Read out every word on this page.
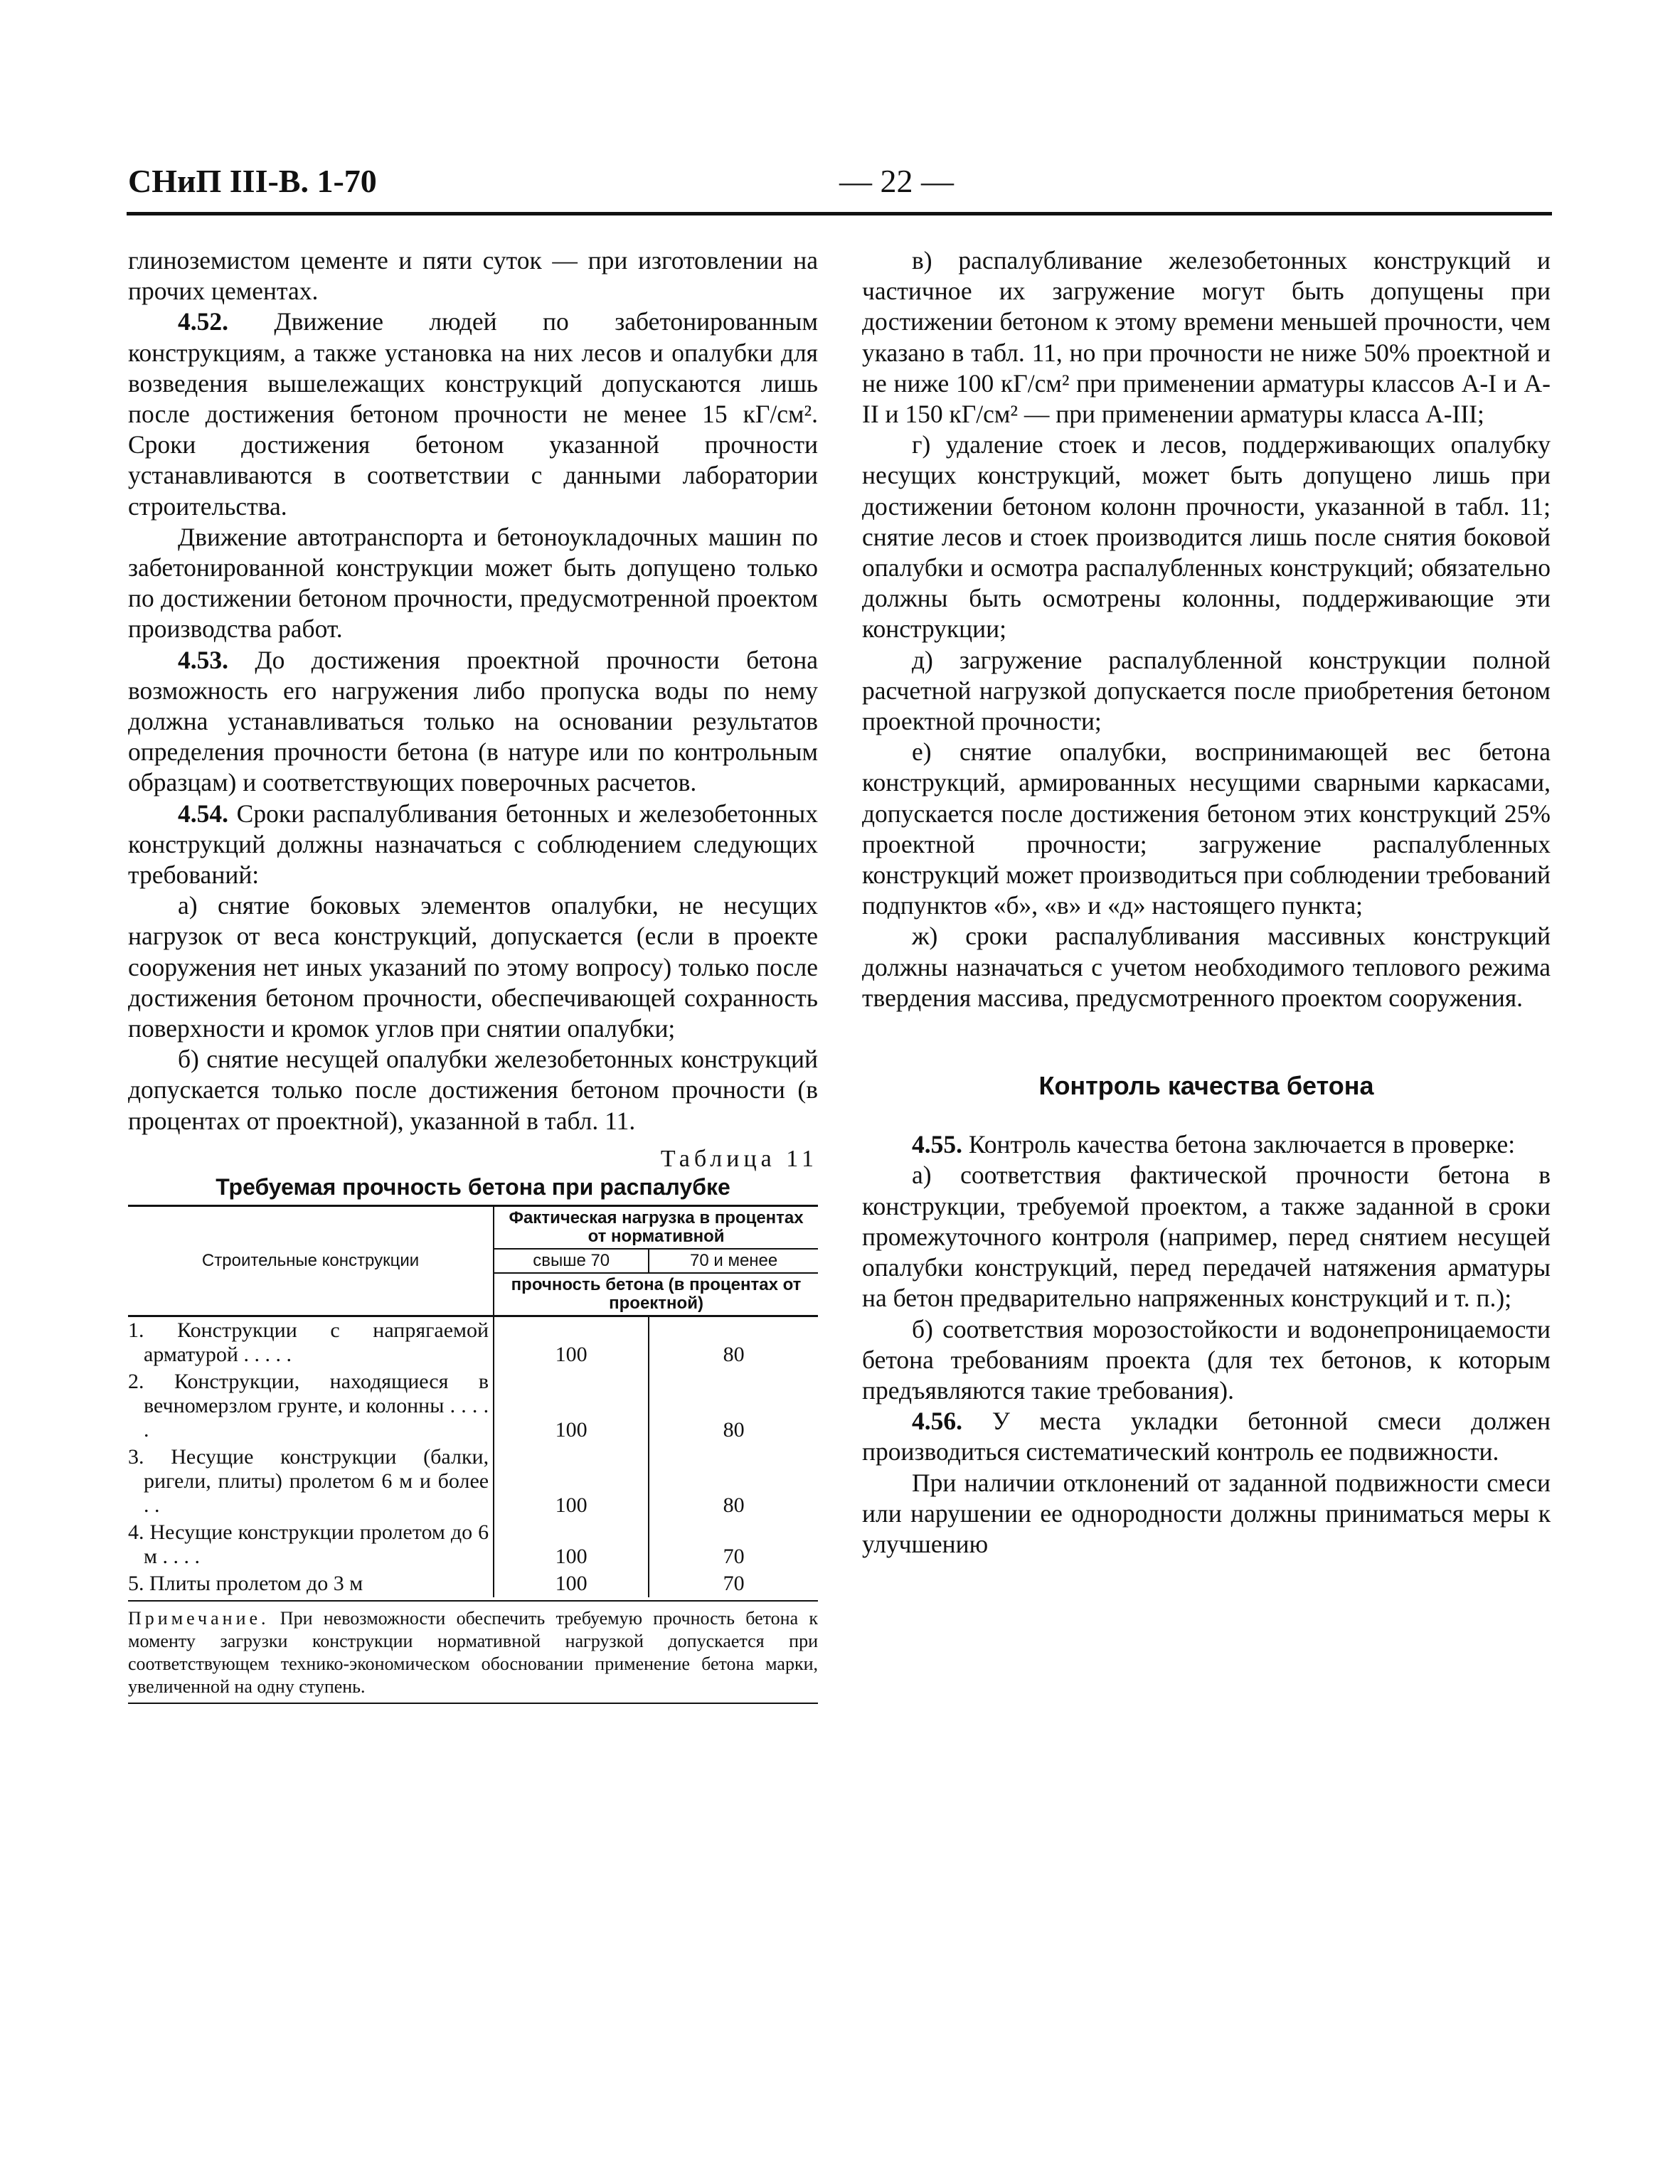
СНиП III-В. 1-70	— 22 —

глиноземистом цементе и пяти суток — при изготовлении на прочих цементах.

4.52. Движение людей по забетонированным конструкциям, а также установка на них лесов и опалубки для возведения вышележащих конструкций допускаются лишь после достижения бетоном прочности не менее 15 кГ/см². Сроки достижения бетоном указанной прочности устанавливаются в соответствии с данными лаборатории строительства.

Движение автотранспорта и бетоноукладочных машин по забетонированной конструкции может быть допущено только по достижении бетоном прочности, предусмотренной проектом производства работ.

4.53. До достижения проектной прочности бетона возможность его нагружения либо пропуска воды по нему должна устанавливаться только на основании результатов определения прочности бетона (в натуре или по контрольным образцам) и соответствующих поверочных расчетов.

4.54. Сроки распалубливания бетонных и железобетонных конструкций должны назначаться с соблюдением следующих требований:

а) снятие боковых элементов опалубки, не несущих нагрузок от веса конструкций, допускается (если в проекте сооружения нет иных указаний по этому вопросу) только после достижения бетоном прочности, обеспечивающей сохранность поверхности и кромок углов при снятии опалубки;

б) снятие несущей опалубки железобетонных конструкций допускается только после достижения бетоном прочности (в процентах от проектной), указанной в табл. 11.

Таблица 11
Требуемая прочность бетона при распалубке
Строительные конструкции	Фактическая нагрузка в процентах от нормативной	
	свыше 70	70 и менее
	прочность бетона (в процентах от проектной)	
1. Конструкции с напрягаемой арматурой . . . . .	100	80
2. Конструкции, находящиеся в вечномерзлом грунте, и колонны . . . . .	100	80
3. Несущие конструкции (балки, ригели, плиты) пролетом 6 м и более . .	100	80
4. Несущие конструкции пролетом до 6 м . . . .	100	70
5. Плиты пролетом до 3 м	100	70
Примечание. При невозможности обеспечить требуемую прочность бетона к моменту загрузки конструкции нормативной нагрузкой допускается при соответствующем технико-экономическом обосновании применение бетона марки, увеличенной на одну ступень.

в) распалубливание железобетонных конструкций и частичное их загружение могут быть допущены при достижении бетоном к этому времени меньшей прочности, чем указано в табл. 11, но при прочности не ниже 50% проектной и не ниже 100 кГ/см² при применении арматуры классов А-I и А-II и 150 кГ/см² — при применении арматуры класса А-III;

г) удаление стоек и лесов, поддерживающих опалубку несущих конструкций, может быть допущено лишь при достижении бетоном колонн прочности, указанной в табл. 11; снятие лесов и стоек производится лишь после снятия боковой опалубки и осмотра распалубленных конструкций; обязательно должны быть осмотрены колонны, поддерживающие эти конструкции;

д) загружение распалубленной конструкции полной расчетной нагрузкой допускается после приобретения бетоном проектной прочности;

е) снятие опалубки, воспринимающей вес бетона конструкций, армированных несущими сварными каркасами, допускается после достижения бетоном этих конструкций 25% проектной прочности; загружение распалубленных конструкций может производиться при соблюдении требований подпунктов «б», «в» и «д» настоящего пункта;

ж) сроки распалубливания массивных конструкций должны назначаться с учетом необходимого теплового режима твердения массива, предусмотренного проектом сооружения.

Контроль качества бетона

4.55. Контроль качества бетона заключается в проверке:

а) соответствия фактической прочности бетона в конструкции, требуемой проектом, а также заданной в сроки промежуточного контроля (например, перед снятием несущей опалубки конструкций, перед передачей натяжения арматуры на бетон предварительно напряженных конструкций и т. п.);

б) соответствия морозостойкости и водонепроницаемости бетона требованиям проекта (для тех бетонов, к которым предъявляются такие требования).

4.56. У места укладки бетонной смеси должен производиться систематический контроль ее подвижности.

При наличии отклонений от заданной подвижности смеси или нарушении ее однородности должны приниматься меры к улучшению
